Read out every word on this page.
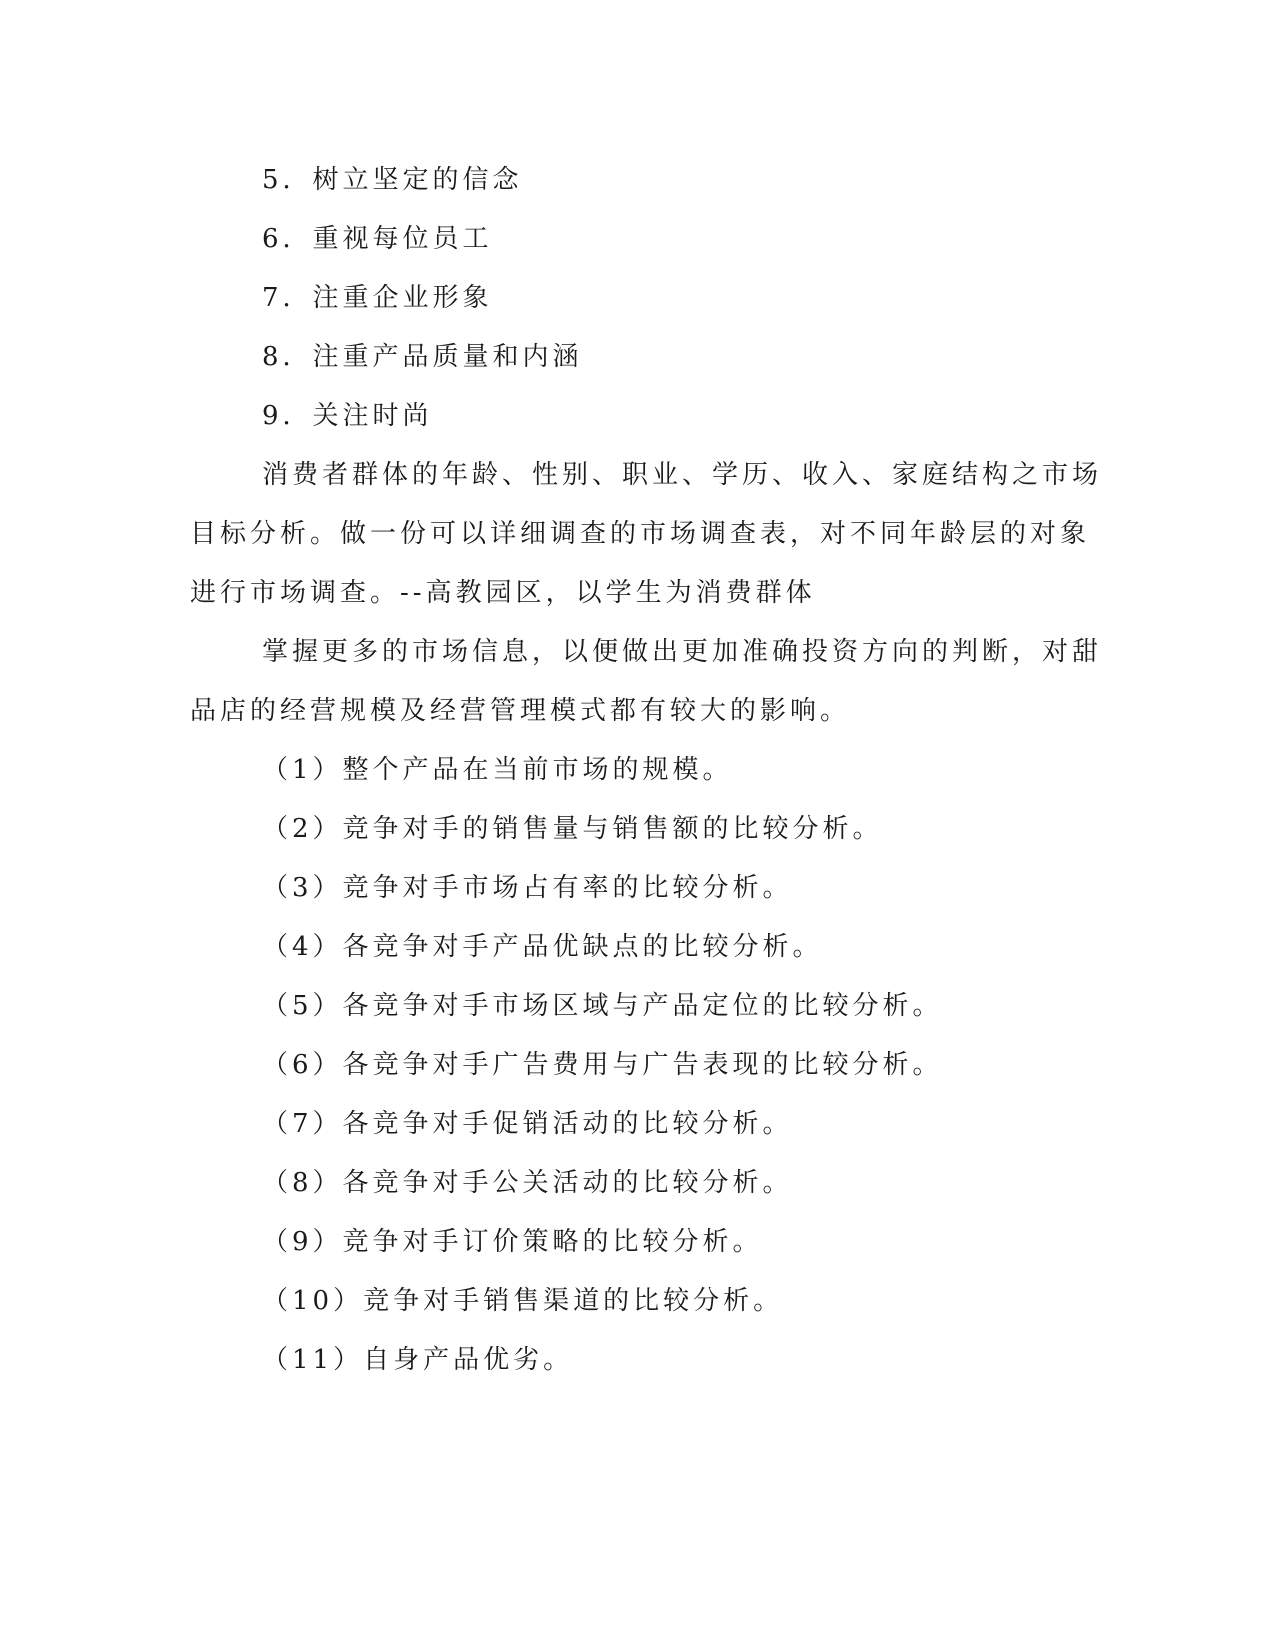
5．树立坚定的信念
6．重视每位员工
7．注重企业形象
8．注重产品质量和内涵
9．关注时尚
消费者群体的年龄、性别、职业、学历、收入、家庭结构之市场
目标分析。做一份可以详细调查的市场调查表，对不同年龄层的对象
进行市场调查。--高教园区，以学生为消费群体
掌握更多的市场信息，以便做出更加准确投资方向的判断，对甜
品店的经营规模及经营管理模式都有较大的影响。
（1）整个产品在当前市场的规模。
（2）竞争对手的销售量与销售额的比较分析。
（3）竞争对手市场占有率的比较分析。
（4）各竞争对手产品优缺点的比较分析。
（5）各竞争对手市场区域与产品定位的比较分析。
（6）各竞争对手广告费用与广告表现的比较分析。
（7）各竞争对手促销活动的比较分析。
（8）各竞争对手公关活动的比较分析。
（9）竞争对手订价策略的比较分析。
（10）竞争对手销售渠道的比较分析。
（11）自身产品优劣。
